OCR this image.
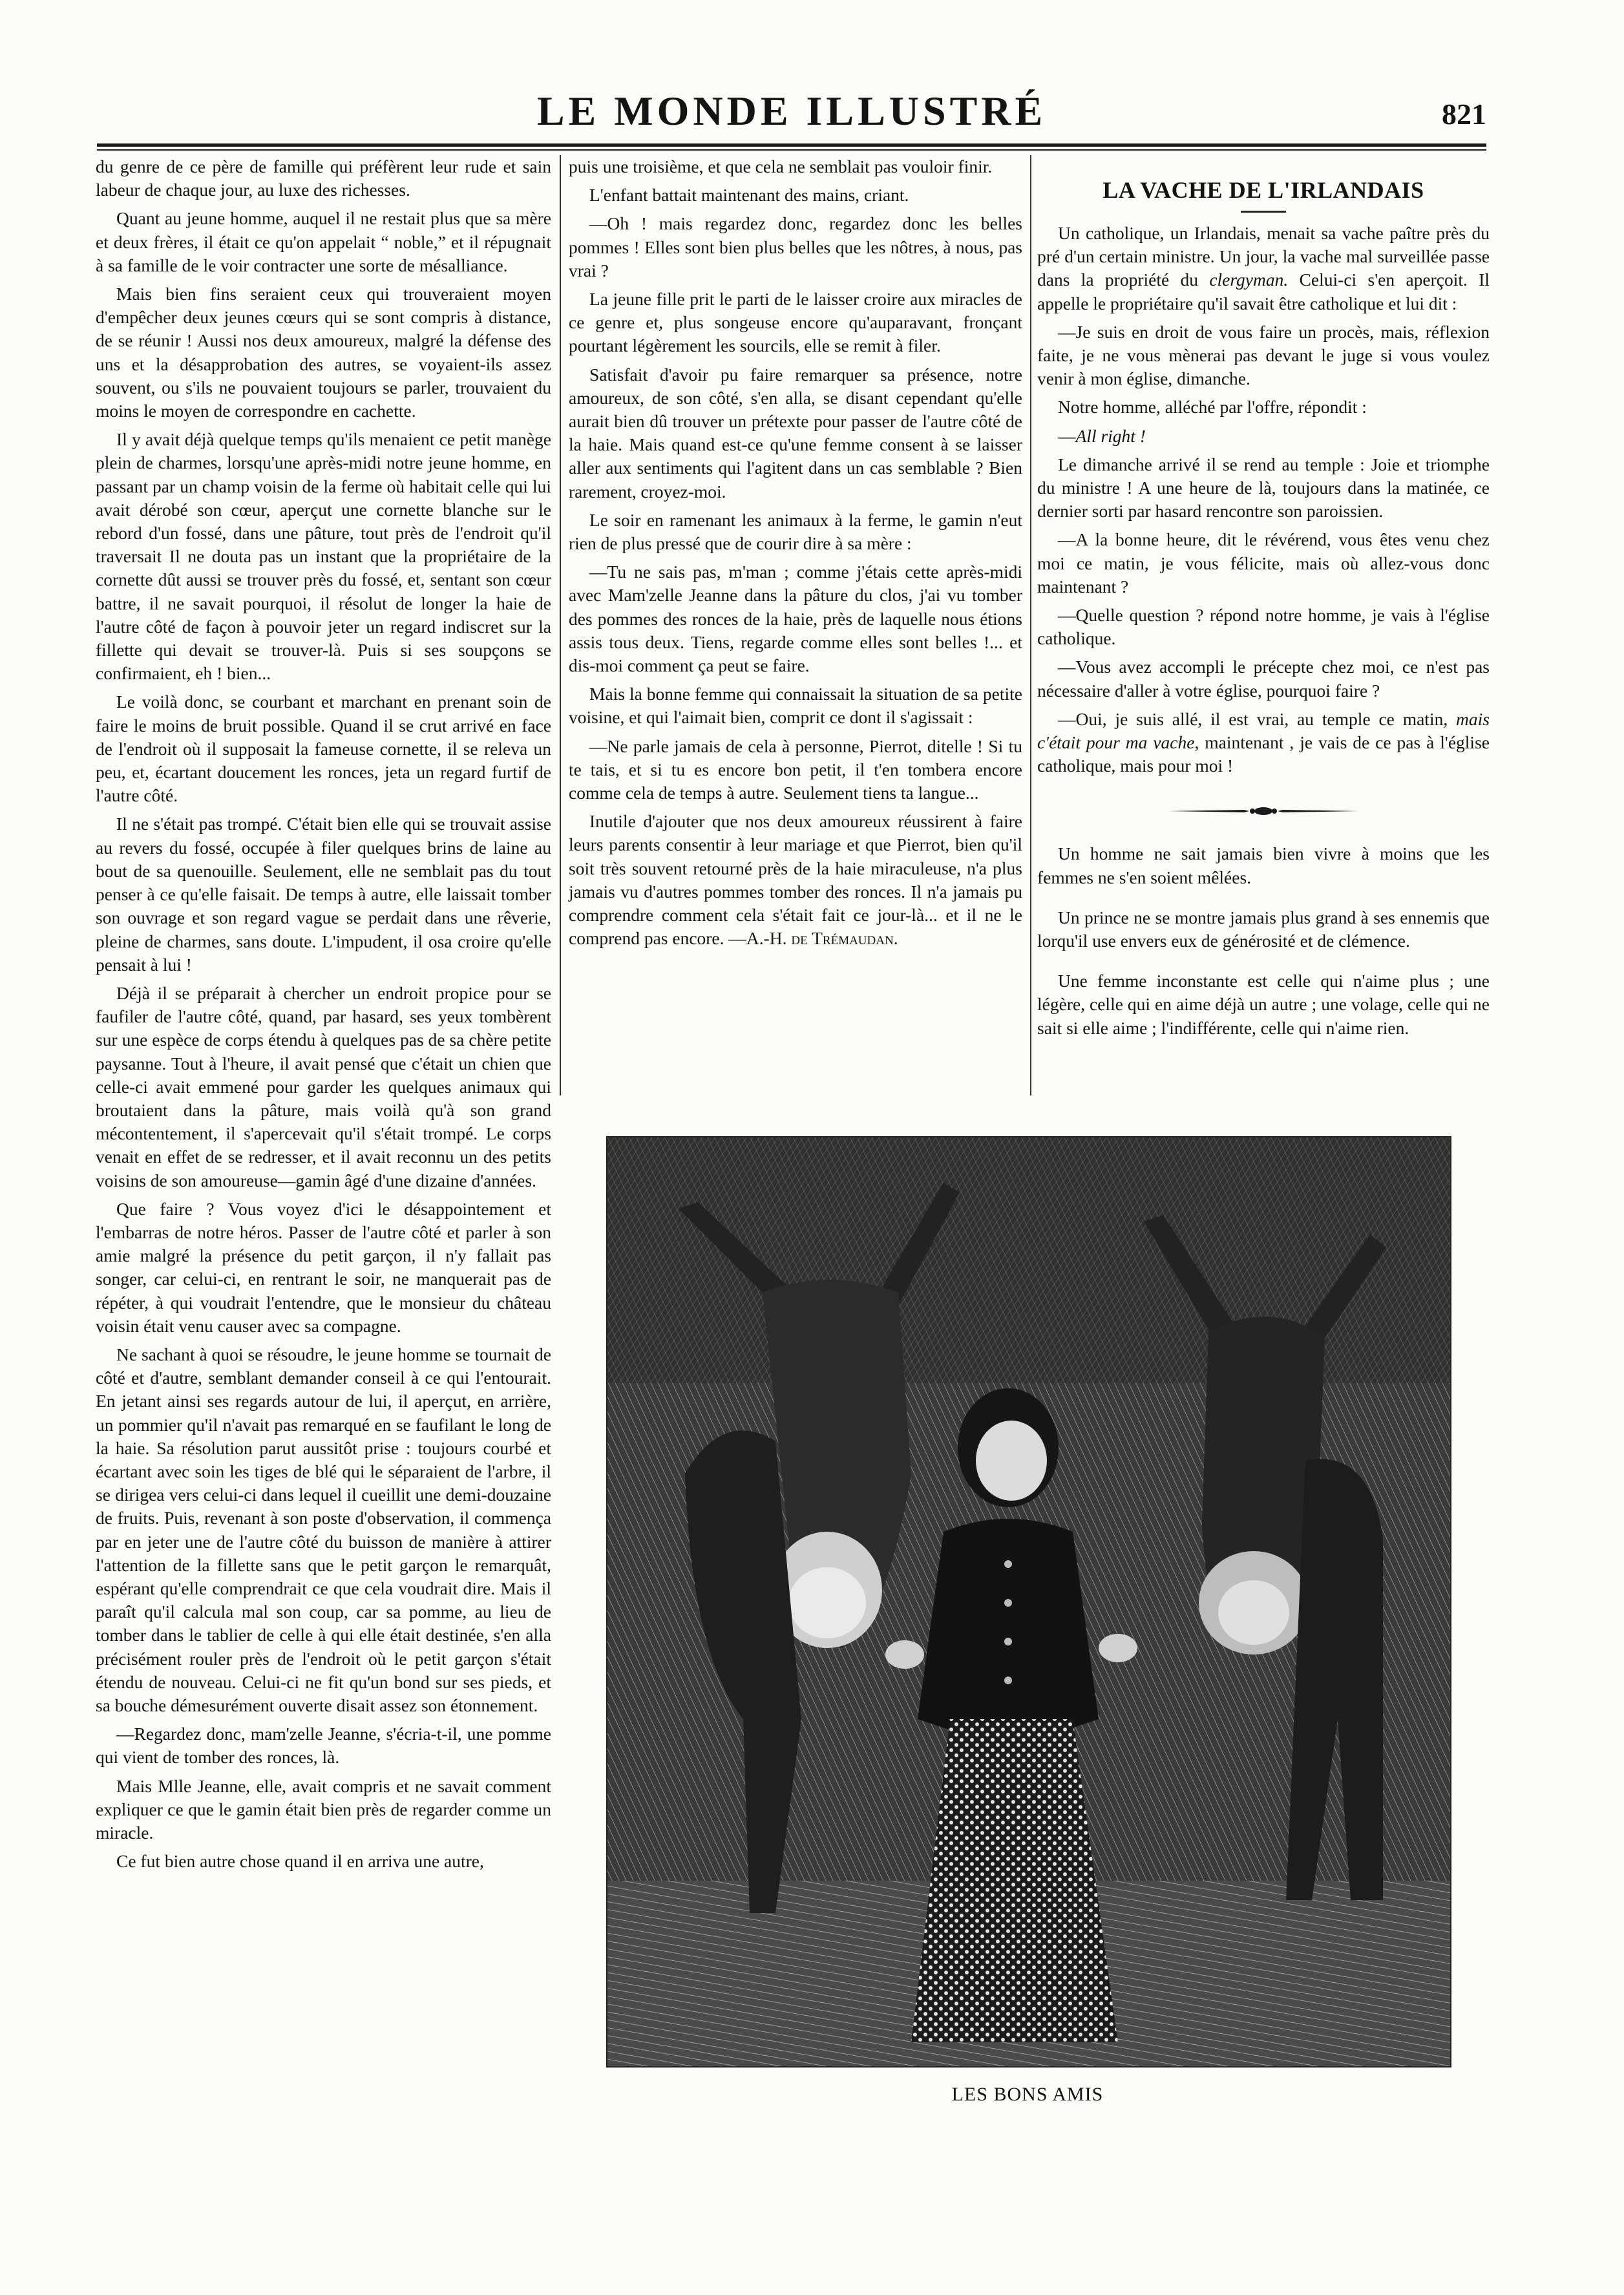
LE MONDE ILLUSTRÉ	821

du genre de ce père de famille qui préfèrent leur rude et sain labeur de chaque jour, au luxe des richesses.

Quant au jeune homme, auquel il ne restait plus que sa mère et deux frères, il était ce qu'on appelait “ noble,” et il répugnait à sa famille de le voir contracter une sorte de mésalliance.

Mais bien fins seraient ceux qui trouveraient moyen d'empêcher deux jeunes cœurs qui se sont compris à distance, de se réunir ! Aussi nos deux amoureux, malgré la défense des uns et la désapprobation des autres, se voyaient-ils assez souvent, ou s'ils ne pouvaient toujours se parler, trouvaient du moins le moyen de correspondre en cachette.

Il y avait déjà quelque temps qu'ils menaient ce petit manège plein de charmes, lorsqu'une après-midi notre jeune homme, en passant par un champ voisin de la ferme où habitait celle qui lui avait dérobé son cœur, aperçut une cornette blanche sur le rebord d'un fossé, dans une pâture, tout près de l'endroit qu'il traversait Il ne douta pas un instant que la propriétaire de la cornette dût aussi se trouver près du fossé, et, sentant son cœur battre, il ne savait pourquoi, il résolut de longer la haie de l'autre côté de façon à pouvoir jeter un regard indiscret sur la fillette qui devait se trouver-là. Puis si ses soupçons se confirmaient, eh ! bien...

Le voilà donc, se courbant et marchant en prenant soin de faire le moins de bruit possible. Quand il se crut arrivé en face de l'endroit où il supposait la fameuse cornette, il se releva un peu, et, écartant doucement les ronces, jeta un regard furtif de l'autre côté.

Il ne s'était pas trompé. C'était bien elle qui se trouvait assise au revers du fossé, occupée à filer quelques brins de laine au bout de sa quenouille. Seulement, elle ne semblait pas du tout penser à ce qu'elle faisait. De temps à autre, elle laissait tomber son ouvrage et son regard vague se perdait dans une rêverie, pleine de charmes, sans doute. L'impudent, il osa croire qu'elle pensait à lui !

Déjà il se préparait à chercher un endroit propice pour se faufiler de l'autre côté, quand, par hasard, ses yeux tombèrent sur une espèce de corps étendu à quelques pas de sa chère petite paysanne. Tout à l'heure, il avait pensé que c'était un chien que celle-ci avait emmené pour garder les quelques animaux qui broutaient dans la pâture, mais voilà qu'à son grand mécontentement, il s'apercevait qu'il s'était trompé. Le corps venait en effet de se redresser, et il avait reconnu un des petits voisins de son amoureuse—gamin âgé d'une dizaine d'années.

Que faire ? Vous voyez d'ici le désappointement et l'embarras de notre héros. Passer de l'autre côté et parler à son amie malgré la présence du petit garçon, il n'y fallait pas songer, car celui-ci, en rentrant le soir, ne manquerait pas de répéter, à qui voudrait l'entendre, que le monsieur du château voisin était venu causer avec sa compagne.

Ne sachant à quoi se résoudre, le jeune homme se tournait de côté et d'autre, semblant demander conseil à ce qui l'entourait. En jetant ainsi ses regards autour de lui, il aperçut, en arrière, un pommier qu'il n'avait pas remarqué en se faufilant le long de la haie. Sa résolution parut aussitôt prise : toujours courbé et écartant avec soin les tiges de blé qui le séparaient de l'arbre, il se dirigea vers celui-ci dans lequel il cueillit une demi-douzaine de fruits. Puis, revenant à son poste d'observation, il commença par en jeter une de l'autre côté du buisson de manière à attirer l'attention de la fillette sans que le petit garçon le remarquât, espérant qu'elle comprendrait ce que cela voudrait dire. Mais il paraît qu'il calcula mal son coup, car sa pomme, au lieu de tomber dans le tablier de celle à qui elle était destinée, s'en alla précisément rouler près de l'endroit où le petit garçon s'était étendu de nouveau. Celui-ci ne fit qu'un bond sur ses pieds, et sa bouche démesurément ouverte disait assez son étonnement.

—Regardez donc, mam'zelle Jeanne, s'écria-t-il, une pomme qui vient de tomber des ronces, là.

Mais Mlle Jeanne, elle, avait compris et ne savait comment expliquer ce que le gamin était bien près de regarder comme un miracle.

Ce fut bien autre chose quand il en arriva une autre,

puis une troisième, et que cela ne semblait pas vouloir finir.

L'enfant battait maintenant des mains, criant.

—Oh ! mais regardez donc, regardez donc les belles pommes ! Elles sont bien plus belles que les nôtres, à nous, pas vrai ?

La jeune fille prit le parti de le laisser croire aux miracles de ce genre et, plus songeuse encore qu'auparavant, fronçant pourtant légèrement les sourcils, elle se remit à filer.

Satisfait d'avoir pu faire remarquer sa présence, notre amoureux, de son côté, s'en alla, se disant cependant qu'elle aurait bien dû trouver un prétexte pour passer de l'autre côté de la haie. Mais quand est-ce qu'une femme consent à se laisser aller aux sentiments qui l'agitent dans un cas semblable ? Bien rarement, croyez-moi.

Le soir en ramenant les animaux à la ferme, le gamin n'eut rien de plus pressé que de courir dire à sa mère :

—Tu ne sais pas, m'man ; comme j'étais cette après-midi avec Mam'zelle Jeanne dans la pâture du clos, j'ai vu tomber des pommes des ronces de la haie, près de laquelle nous étions assis tous deux. Tiens, regarde comme elles sont belles !... et dis-moi comment ça peut se faire.

Mais la bonne femme qui connaissait la situation de sa petite voisine, et qui l'aimait bien, comprit ce dont il s'agissait :

—Ne parle jamais de cela à personne, Pierrot, ditelle ! Si tu te tais, et si tu es encore bon petit, il t'en tombera encore comme cela de temps à autre. Seulement tiens ta langue...

Inutile d'ajouter que nos deux amoureux réussirent à faire leurs parents consentir à leur mariage et que Pierrot, bien qu'il soit très souvent retourné près de la haie miraculeuse, n'a plus jamais vu d'autres pommes tomber des ronces. Il n'a jamais pu comprendre comment cela s'était fait ce jour-là... et il ne le comprend pas encore. —A.-H. de Trémaudan.

LA VACHE DE L'IRLANDAIS

Un catholique, un Irlandais, menait sa vache paître près du pré d'un certain ministre. Un jour, la vache mal surveillée passe dans la propriété du clergyman. Celui-ci s'en aperçoit. Il appelle le propriétaire qu'il savait être catholique et lui dit :

—Je suis en droit de vous faire un procès, mais, réflexion faite, je ne vous mènerai pas devant le juge si vous voulez venir à mon église, dimanche.

Notre homme, alléché par l'offre, répondit :

—All right !

Le dimanche arrivé il se rend au temple : Joie et triomphe du ministre ! A une heure de là, toujours dans la matinée, ce dernier sorti par hasard rencontre son paroissien.

—A la bonne heure, dit le révérend, vous êtes venu chez moi ce matin, je vous félicite, mais où allez-vous donc maintenant ?

—Quelle question ? répond notre homme, je vais à l'église catholique.

—Vous avez accompli le précepte chez moi, ce n'est pas nécessaire d'aller à votre église, pourquoi faire ?

—Oui, je suis allé, il est vrai, au temple ce matin, mais c'était pour ma vache, maintenant , je vais de ce pas à l'église catholique, mais pour moi !

Un homme ne sait jamais bien vivre à moins que les femmes ne s'en soient mêlées.

Un prince ne se montre jamais plus grand à ses ennemis que lorqu'il use envers eux de générosité et de clémence.

Une femme inconstante est celle qui n'aime plus ; une légère, celle qui en aime déjà un autre ; une volage, celle qui ne sait si elle aime ; l'indifférente, celle qui n'aime rien.

LES BONS AMIS
